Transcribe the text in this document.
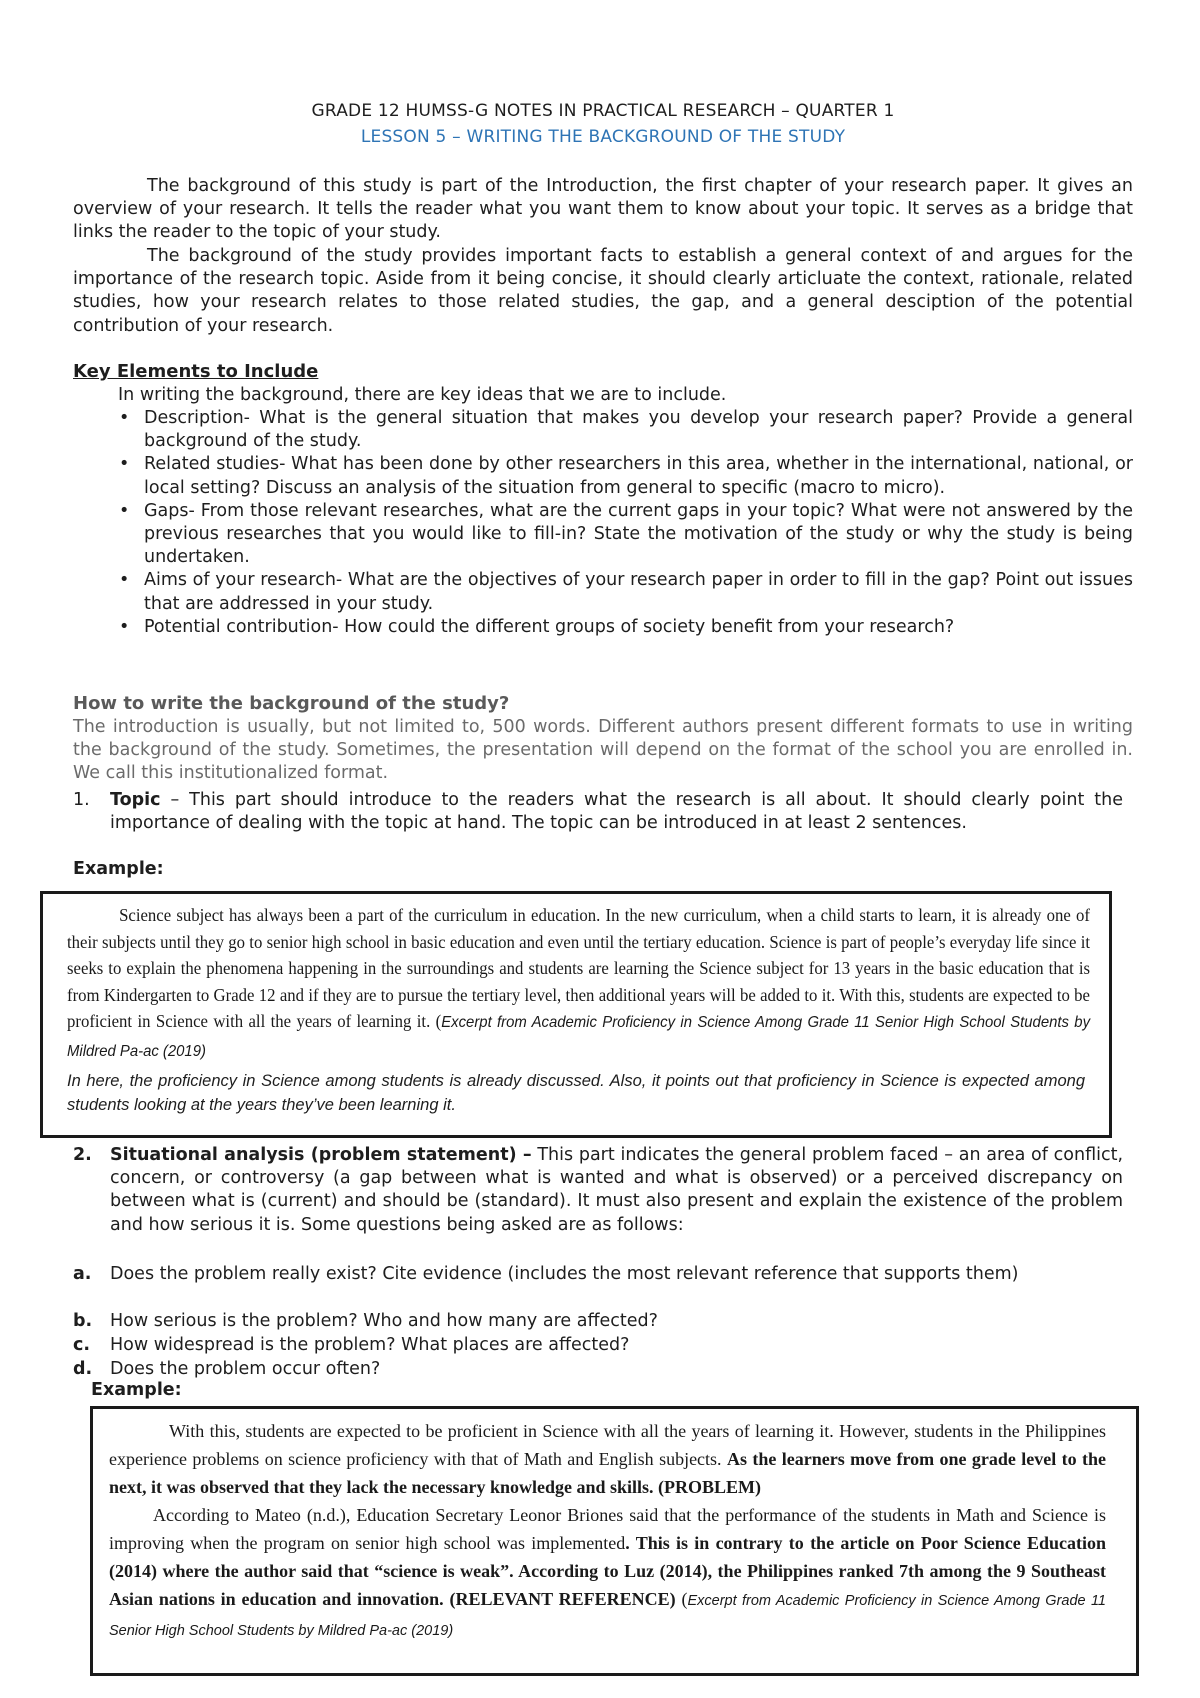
GRADE 12 HUMSS-G NOTES IN PRACTICAL RESEARCH – QUARTER 1
LESSON 5 – WRITING THE BACKGROUND OF THE STUDY

The background of this study is part of the Introduction, the first chapter of your research paper. It gives an overview of your research. It tells the reader what you want them to know about your topic. It serves as a bridge that links the reader to the topic of your study.

The background of the study provides important facts to establish a general context of and argues for the importance of the research topic. Aside from it being concise, it should clearly articluate the context, rationale, related studies, how your research relates to those related studies, the gap, and a general desciption of the potential contribution of your research.

Key Elements to Include
In writing the background, there are key ideas that we are to include.
• Description- What is the general situation that makes you develop your research paper? Provide a general background of the study.
• Related studies- What has been done by other researchers in this area, whether in the international, national, or local setting? Discuss an analysis of the situation from general to specific (macro to micro).
• Gaps- From those relevant researches, what are the current gaps in your topic? What were not answered by the previous researches that you would like to fill-in? State the motivation of the study or why the study is being undertaken.
• Aims of your research- What are the objectives of your research paper in order to fill in the gap? Point out issues that are addressed in your study.
• Potential contribution- How could the different groups of society benefit from your research?
How to write the background of the study?

The introduction is usually, but not limited to, 500 words. Different authors present different formats to use in writing the background of the study. Sometimes, the presentation will depend on the format of the school you are enrolled in. We call this institutionalized format.

1. Topic – This part should introduce to the readers what the research is all about. It should clearly point the importance of dealing with the topic at hand. The topic can be introduced in at least 2 sentences.
Example:
Science subject has always been a part of the curriculum in education. In the new curriculum, when a child starts to learn, it is already one of their subjects until they go to senior high school in basic education and even until the tertiary education. Science is part of people’s everyday life since it seeks to explain the phenomena happening in the surroundings and students are learning the Science subject for 13 years in the basic education that is from Kindergarten to Grade 12 and if they are to pursue the tertiary level, then additional years will be added to it. With this, students are expected to be proficient in Science with all the years of learning it. (Excerpt from Academic Proficiency in Science Among Grade 11 Senior High School Students by Mildred Pa-ac (2019)
In here, the proficiency in Science among students is already discussed. Also, it points out that proficiency in Science is expected among students looking at the years they’ve been learning it.
2. Situational analysis (problem statement) – This part indicates the general problem faced – an area of conflict, concern, or controversy (a gap between what is wanted and what is observed) or a perceived discrepancy on between what is (current) and should be (standard). It must also present and explain the existence of the problem and how serious it is. Some questions being asked are as follows:
a. Does the problem really exist? Cite evidence (includes the most relevant reference that supports them)
b. How serious is the problem? Who and how many are affected?
c. How widespread is the problem? What places are affected?
d. Does the problem occur often?
Example:
With this, students are expected to be proficient in Science with all the years of learning it. However, students in the Philippines experience problems on science proficiency with that of Math and English subjects. As the learners move from one grade level to the next, it was observed that they lack the necessary knowledge and skills. (PROBLEM)
According to Mateo (n.d.), Education Secretary Leonor Briones said that the performance of the students in Math and Science is improving when the program on senior high school was implemented. This is in contrary to the article on Poor Science Education (2014) where the author said that “science is weak”. According to Luz (2014), the Philippines ranked 7th among the 9 Southeast Asian nations in education and innovation. (RELEVANT REFERENCE) (Excerpt from Academic Proficiency in Science Among Grade 11 Senior High School Students by Mildred Pa-ac (2019)
